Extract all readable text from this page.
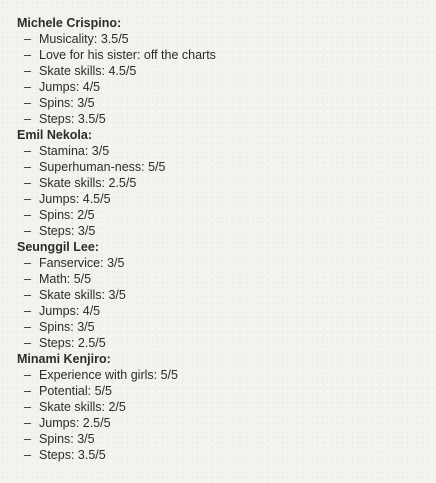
Michele Crispino:
– Musicality: 3.5/5
– Love for his sister: off the charts
– Skate skills: 4.5/5
– Jumps: 4/5
– Spins: 3/5
– Steps: 3.5/5
Emil Nekola:
– Stamina: 3/5
– Superhuman-ness: 5/5
– Skate skills: 2.5/5
– Jumps: 4.5/5
– Spins: 2/5
– Steps: 3/5
Seunggil Lee:
– Fanservice: 3/5
– Math: 5/5
– Skate skills: 3/5
– Jumps: 4/5
– Spins: 3/5
– Steps: 2.5/5
Minami Kenjiro:
– Experience with girls: 5/5
– Potential: 5/5
– Skate skills: 2/5
– Jumps: 2.5/5
– Spins: 3/5
– Steps: 3.5/5
